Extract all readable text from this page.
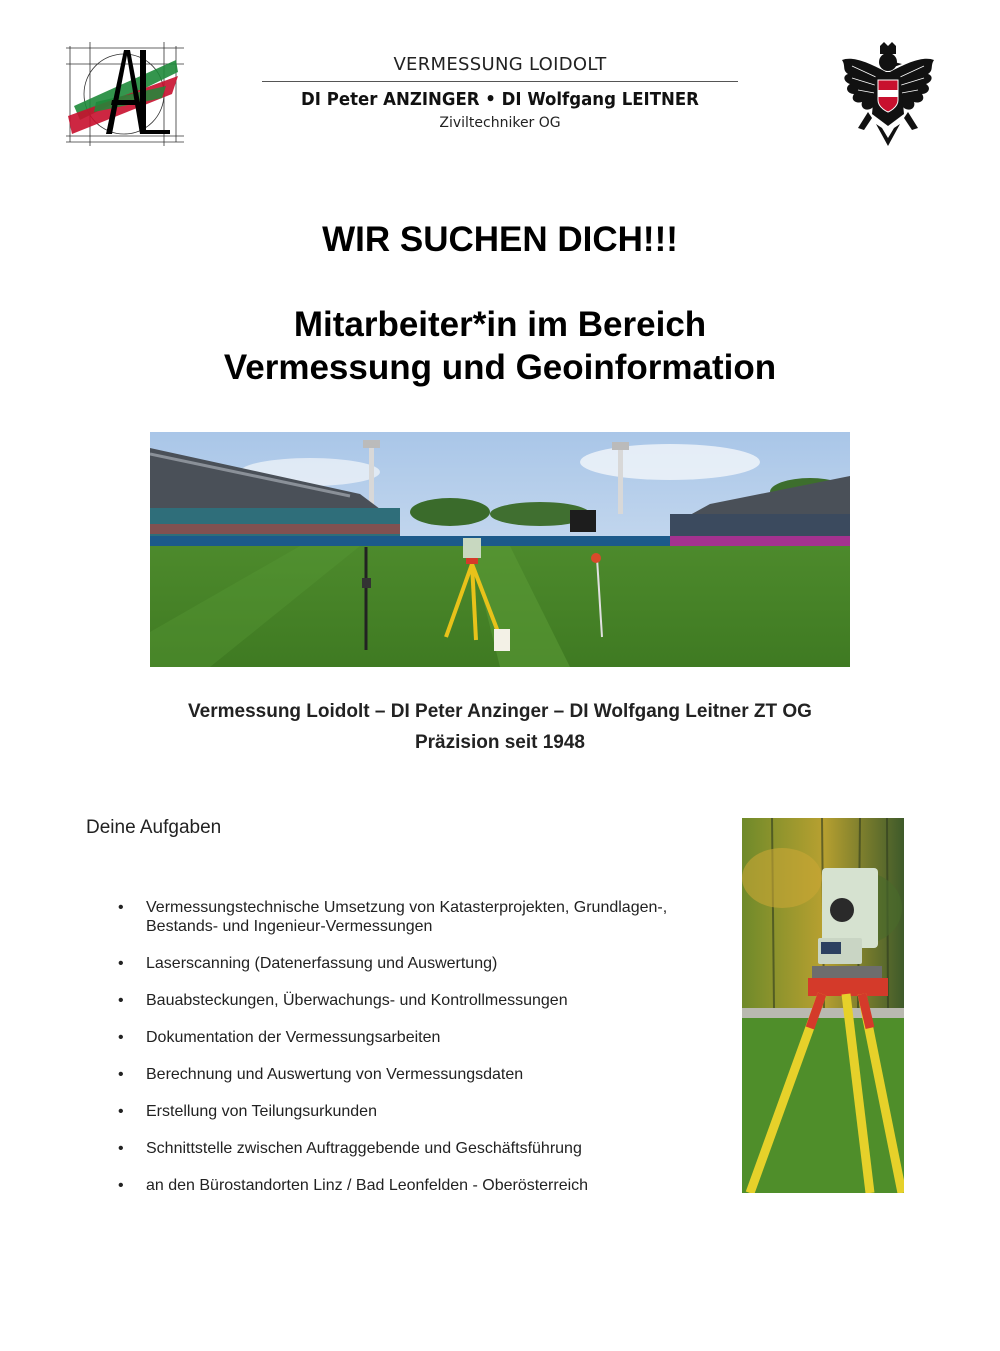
VERMESSUNG LOIDOLT
DI Peter ANZINGER • DI Wolfgang LEITNER
Ziviltechniker OG
WIR SUCHEN DICH!!!
Mitarbeiter*in im Bereich
Vermessung und Geoinformation
Vermessung Loidolt – DI Peter Anzinger – DI Wolfgang Leitner ZT OG
Präzision seit 1948
Deine Aufgaben
• Vermessungstechnische Umsetzung von Katasterprojekten, Grundlagen-, Bestands- und Ingenieur-Vermessungen
• Laserscanning (Datenerfassung und Auswertung)
• Bauabsteckungen, Überwachungs- und Kontrollmessungen
• Dokumentation der Vermessungsarbeiten
• Berechnung und Auswertung von Vermessungsdaten
• Erstellung von Teilungsurkunden
• Schnittstelle zwischen Auftraggebende und Geschäftsführung
• an den Bürostandorten Linz / Bad Leonfelden - Oberösterreich
